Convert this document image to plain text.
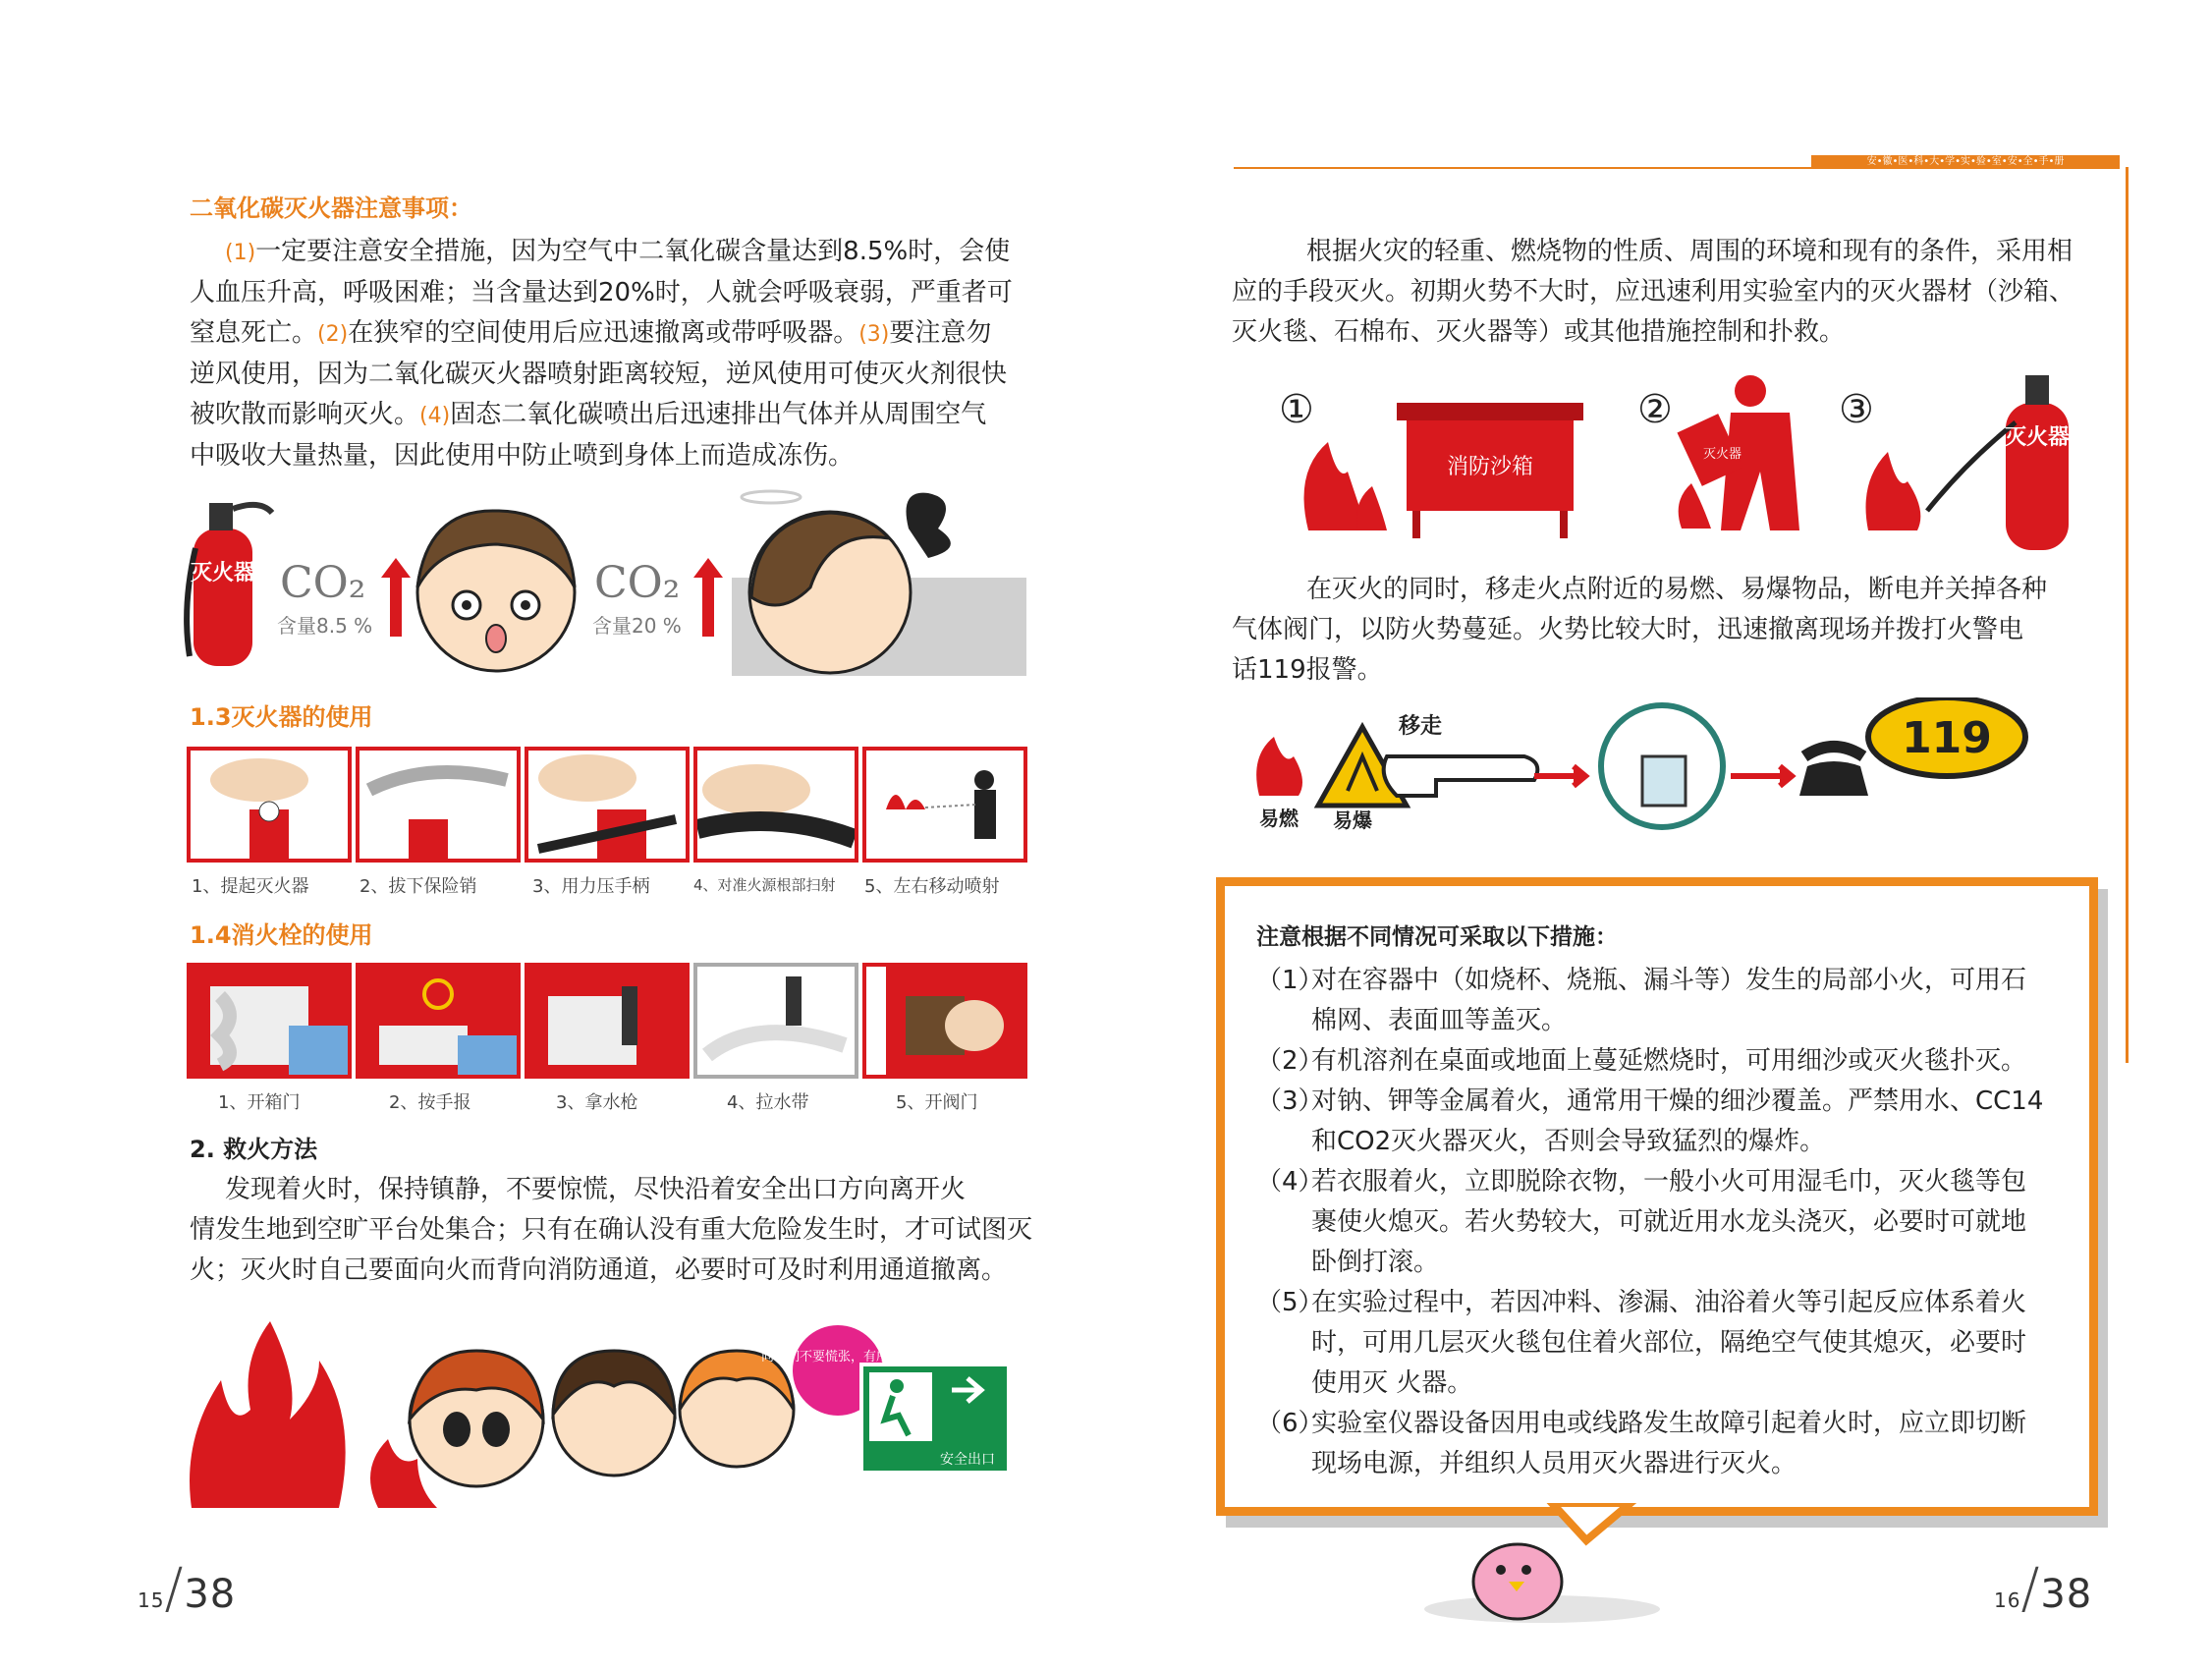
二氧化碳灭火器注意事项：

(1)一定要注意安全措施，因为空气中二氧化碳含量达到8.5%时，会使

人血压升高，呼吸困难；当含量达到20%时，人就会呼吸衰弱，严重者可

窒息死亡。(2)在狭窄的空间使用后应迅速撤离或带呼吸器。(3)要注意勿

逆风使用，因为二氧化碳灭火器喷射距离较短，逆风使用可使灭火剂很快

被吹散而影响灭火。(4)固态二氧化碳喷出后迅速排出气体并从周围空气

中吸收大量热量，因此使用中防止喷到身体上而造成冻伤。

灭火器 CO₂
含量8.5 %
CO₂
含量20 %
1.3灭火器的使用
1、提起灭火器	2、拔下保险销	3、用力压手柄	4、对准火源根部扫射 5、左右移动喷射
1.4消火栓的使用
1、开箱门	2、按手报	3、拿水枪	4、拉水带	5、开阀门
2. 救火方法

发现着火时，保持镇静，不要惊慌，尽快沿着安全出口方向离开火

情发生地到空旷平台处集合；只有在确认没有重大危险发生时，才可试图灭

火；灭火时自己要面向火而背向消防通道，必要时可及时利用通道撤离。

同学们不要慌张，有序撤离
安全出口
15/38
安•徽•医•科•大•学•实•验•室•安•全•手•册

根据火灾的轻重、燃烧物的性质、周围的环境和现有的条件，采用相

应的手段灭火。初期火势不大时，应迅速利用实验室内的灭火器材（沙箱、

灭火毯、石棉布、灭火器等）或其他措施控制和扑救。

①
消防沙箱
②
灭火器
③
灭火器

在灭火的同时，移走火点附近的易燃、易爆物品，断电并关掉各种

气体阀门，以防火势蔓延。火势比较大时，迅速撤离现场并拨打火警电

话119报警。

易燃 易爆
移走	119
注意根据不同情况可采取以下措施：
（1）
对在容器中（如烧杯、烧瓶、漏斗等）发生的局部小火，可用石
棉网、表面皿等盖灭。
（2）
有机溶剂在桌面或地面上蔓延燃烧时，可用细沙或灭火毯扑灭。
（3）
对钠、钾等金属着火，通常用干燥的细沙覆盖。严禁用水、CC14
和CO2灭火器灭火，否则会导致猛烈的爆炸。
（4）
若衣服着火，立即脱除衣物，一般小火可用湿毛巾，灭火毯等包
裹使火熄灭。若火势较大，可就近用水龙头浇灭，必要时可就地
卧倒打滚。
（5）
在实验过程中，若因冲料、渗漏、油浴着火等引起反应体系着火
时，可用几层灭火毯包住着火部位，隔绝空气使其熄灭，必要时
使用灭 火器。
（6）
实验室仪器设备因用电或线路发生故障引起着火时，应立即切断
现场电源，并组织人员用灭火器进行灭火。
16/38
